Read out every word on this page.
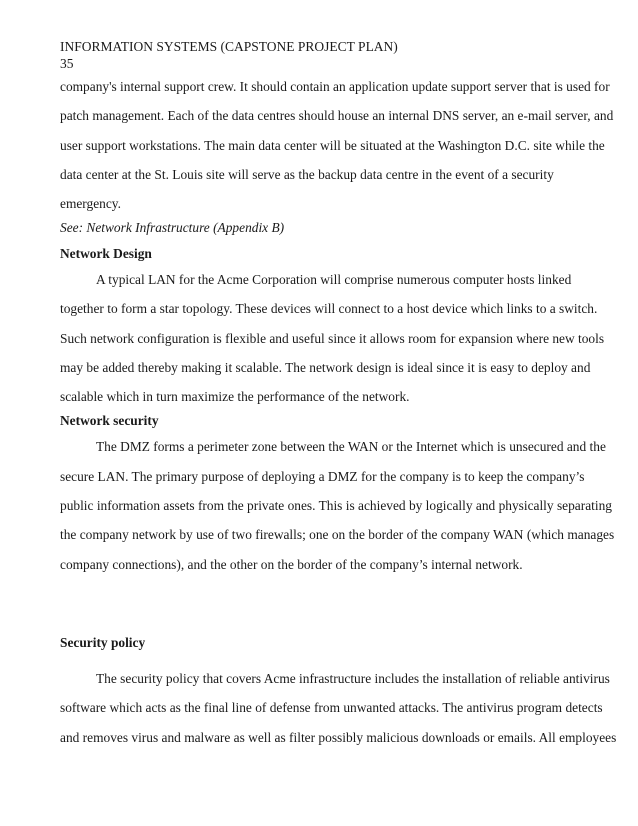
INFORMATION SYSTEMS (CAPSTONE PROJECT PLAN)
35
company's internal support crew. It should contain an application update support server that is used for
patch management. Each of the data centres should house an internal DNS server, an e-mail server, and
user support workstations. The main data center will be situated at the Washington D.C. site while the
data center at the St. Louis site will serve as the backup data centre in the event of a security
emergency.
See: Network Infrastructure (Appendix B)
Network Design
A typical LAN for the Acme Corporation will comprise numerous computer hosts linked
together to form a star topology. These devices will connect to a host device which links to a switch.
Such network configuration is flexible and useful since it allows room for expansion where new tools
may be added thereby making it scalable. The network design is ideal since it is easy to deploy and
scalable which in turn maximize the performance of the network.
Network security
The DMZ forms a perimeter zone between the WAN or the Internet which is unsecured and the
secure LAN. The primary purpose of deploying a DMZ for the company is to keep the company’s
public information assets from the private ones. This is achieved by logically and physically separating
the company network by use of two firewalls; one on the border of the company WAN (which manages
company connections), and the other on the border of the company’s internal network.
Security policy
The security policy that covers Acme infrastructure includes the installation of reliable antivirus
software which acts as the final line of defense from unwanted attacks. The antivirus program detects
and removes virus and malware as well as filter possibly malicious downloads or emails. All employees
